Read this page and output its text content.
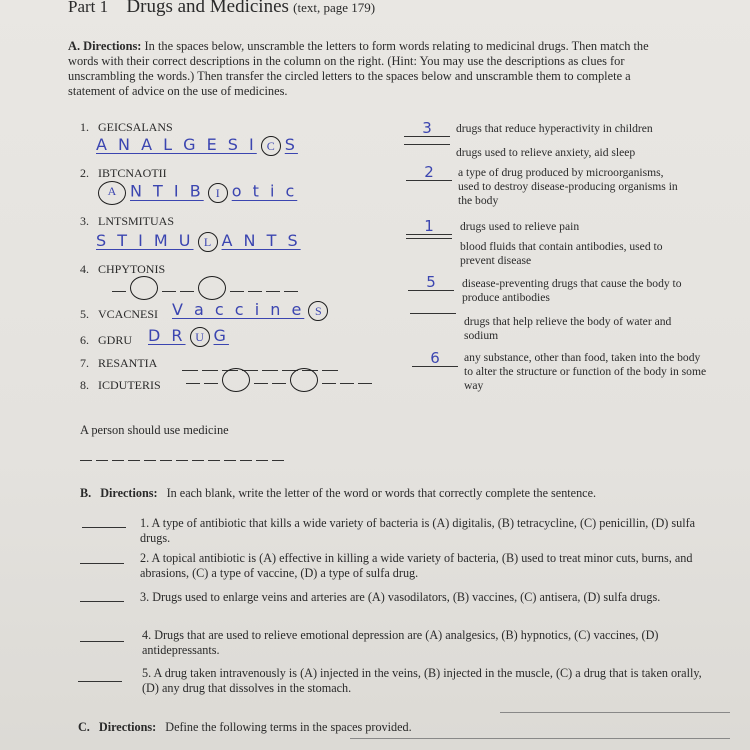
Part 1 Drugs and Medicines (text, page 179)
A. Directions: In the spaces below, unscramble the letters to form words relating to medicinal drugs. Then match the words with their correct descriptions in the column on the right. (Hint: You may use the descriptions as clues for unscrambling the words.) Then transfer the circled letters to the spaces below and unscramble them to complete a statement of advice on the use of medicines.
1. GEICSALANS
A N A L G E S I C S
2. IBTCNAOTII
A N T I B I o t i c
3. LNTSMITUAS
S T I M U L A N T S
4. CHPYTONIS

5. VCACNESI V a c c i n e S
6. GDRU D R U G
7. RESANTIA

8. ICDUTERIS

3	drugs that reduce hyperactivity in children
drugs used to relieve anxiety, aid sleep
2	a type of drug produced by microorganisms, used to destroy disease-producing organisms in the body
1	drugs used to relieve pain
blood fluids that contain antibodies, used to prevent disease
5	disease-preventing drugs that cause the body to produce antibodies
drugs that help relieve the body of water and sodium
6	any substance, other than food, taken into the body to alter the structure or function of the body in some way
A person should use medicine

B. Directions: In each blank, write the letter of the word or words that correctly complete the sentence.
1. A type of antibiotic that kills a wide variety of bacteria is (A) digitalis, (B) tetracycline, (C) penicillin, (D) sulfa drugs.
2. A topical antibiotic is (A) effective in killing a wide variety of bacteria, (B) used to treat minor cuts, burns, and abrasions, (C) a type of vaccine, (D) a type of sulfa drug.
3. Drugs used to enlarge veins and arteries are (A) vasodilators, (B) vaccines, (C) antisera, (D) sulfa drugs.
4. Drugs that are used to relieve emotional depression are (A) analgesics, (B) hypnotics, (C) vaccines, (D) antidepressants.
5. A drug taken intravenously is (A) injected in the veins, (B) injected in the muscle, (C) a drug that is taken orally, (D) any drug that dissolves in the stomach.
C. Directions: Define the following terms in the spaces provided.
